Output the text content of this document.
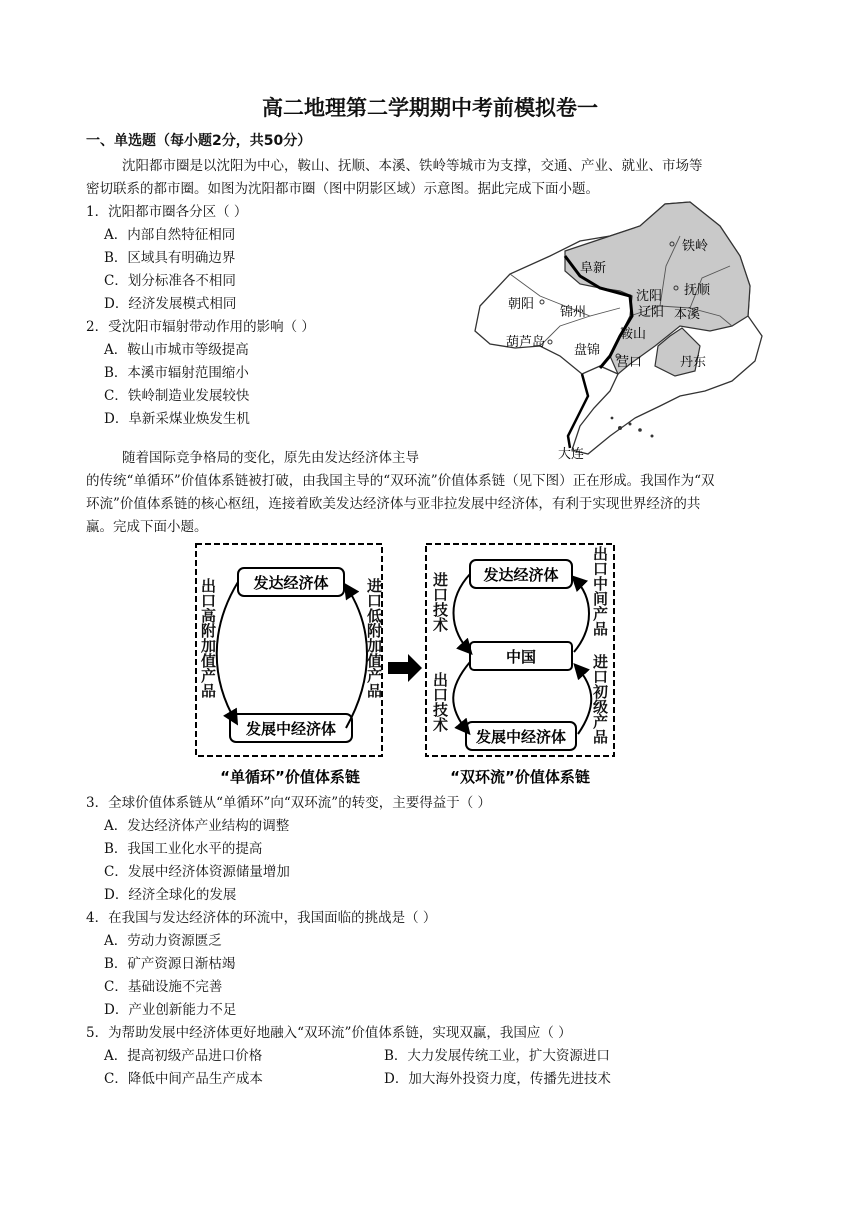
高二地理第二学期期中考前模拟卷一
一、单选题（每小题2分，共50分）
沈阳都市圈是以沈阳为中心，鞍山、抚顺、本溪、铁岭等城市为支撑，交通、产业、就业、市场等
密切联系的都市圈。如图为沈阳都市圈（图中阴影区域）示意图。据此完成下面小题。
1．沈阳都市圈各分区（ ）
A．内部自然特征相同
B．区域具有明确边界
C．划分标准各不相同
D．经济发展模式相同
2．受沈阳市辐射带动作用的影响（ ）
A．鞍山市城市等级提高
B．本溪市辐射范围缩小
C．铁岭制造业发展较快
D．阜新采煤业焕发生机
铁岭
阜新
抚顺
沈阳
朝阳
锦州	辽阳 本溪
鞍山
葫芦岛
盘锦
营口	丹东
大连
随着国际竞争格局的变化，原先由发达经济体主导
的传统“单循环”价值体系链被打破，由我国主导的“双环流”价值体系链（见下图）正在形成。我国作为“双
环流”价值体系链的核心枢纽，连接着欧美发达经济体与亚非拉发展中经济体，有利于实现世界经济的共
赢。完成下面小题。
发达经济体
发展中经济体
出口高附加值产品	进口低附加值产品
发达经济体
中国
发展中经济体
进口技术
出口技术
出口中间产品
进口初级产品
“单循环”价值体系链	“双环流”价值体系链
3．全球价值体系链从“单循环”向“双环流”的转变，主要得益于（ ）
A．发达经济体产业结构的调整
B．我国工业化水平的提高
C．发展中经济体资源储量增加
D．经济全球化的发展
4．在我国与发达经济体的环流中，我国面临的挑战是（ ）
A．劳动力资源匮乏
B．矿产资源日渐枯竭
C．基础设施不完善
D．产业创新能力不足
5．为帮助发展中经济体更好地融入“双环流”价值体系链，实现双赢，我国应（ ）
A．提高初级产品进口价格	B．大力发展传统工业，扩大资源进口
C．降低中间产品生产成本	D．加大海外投资力度，传播先进技术
